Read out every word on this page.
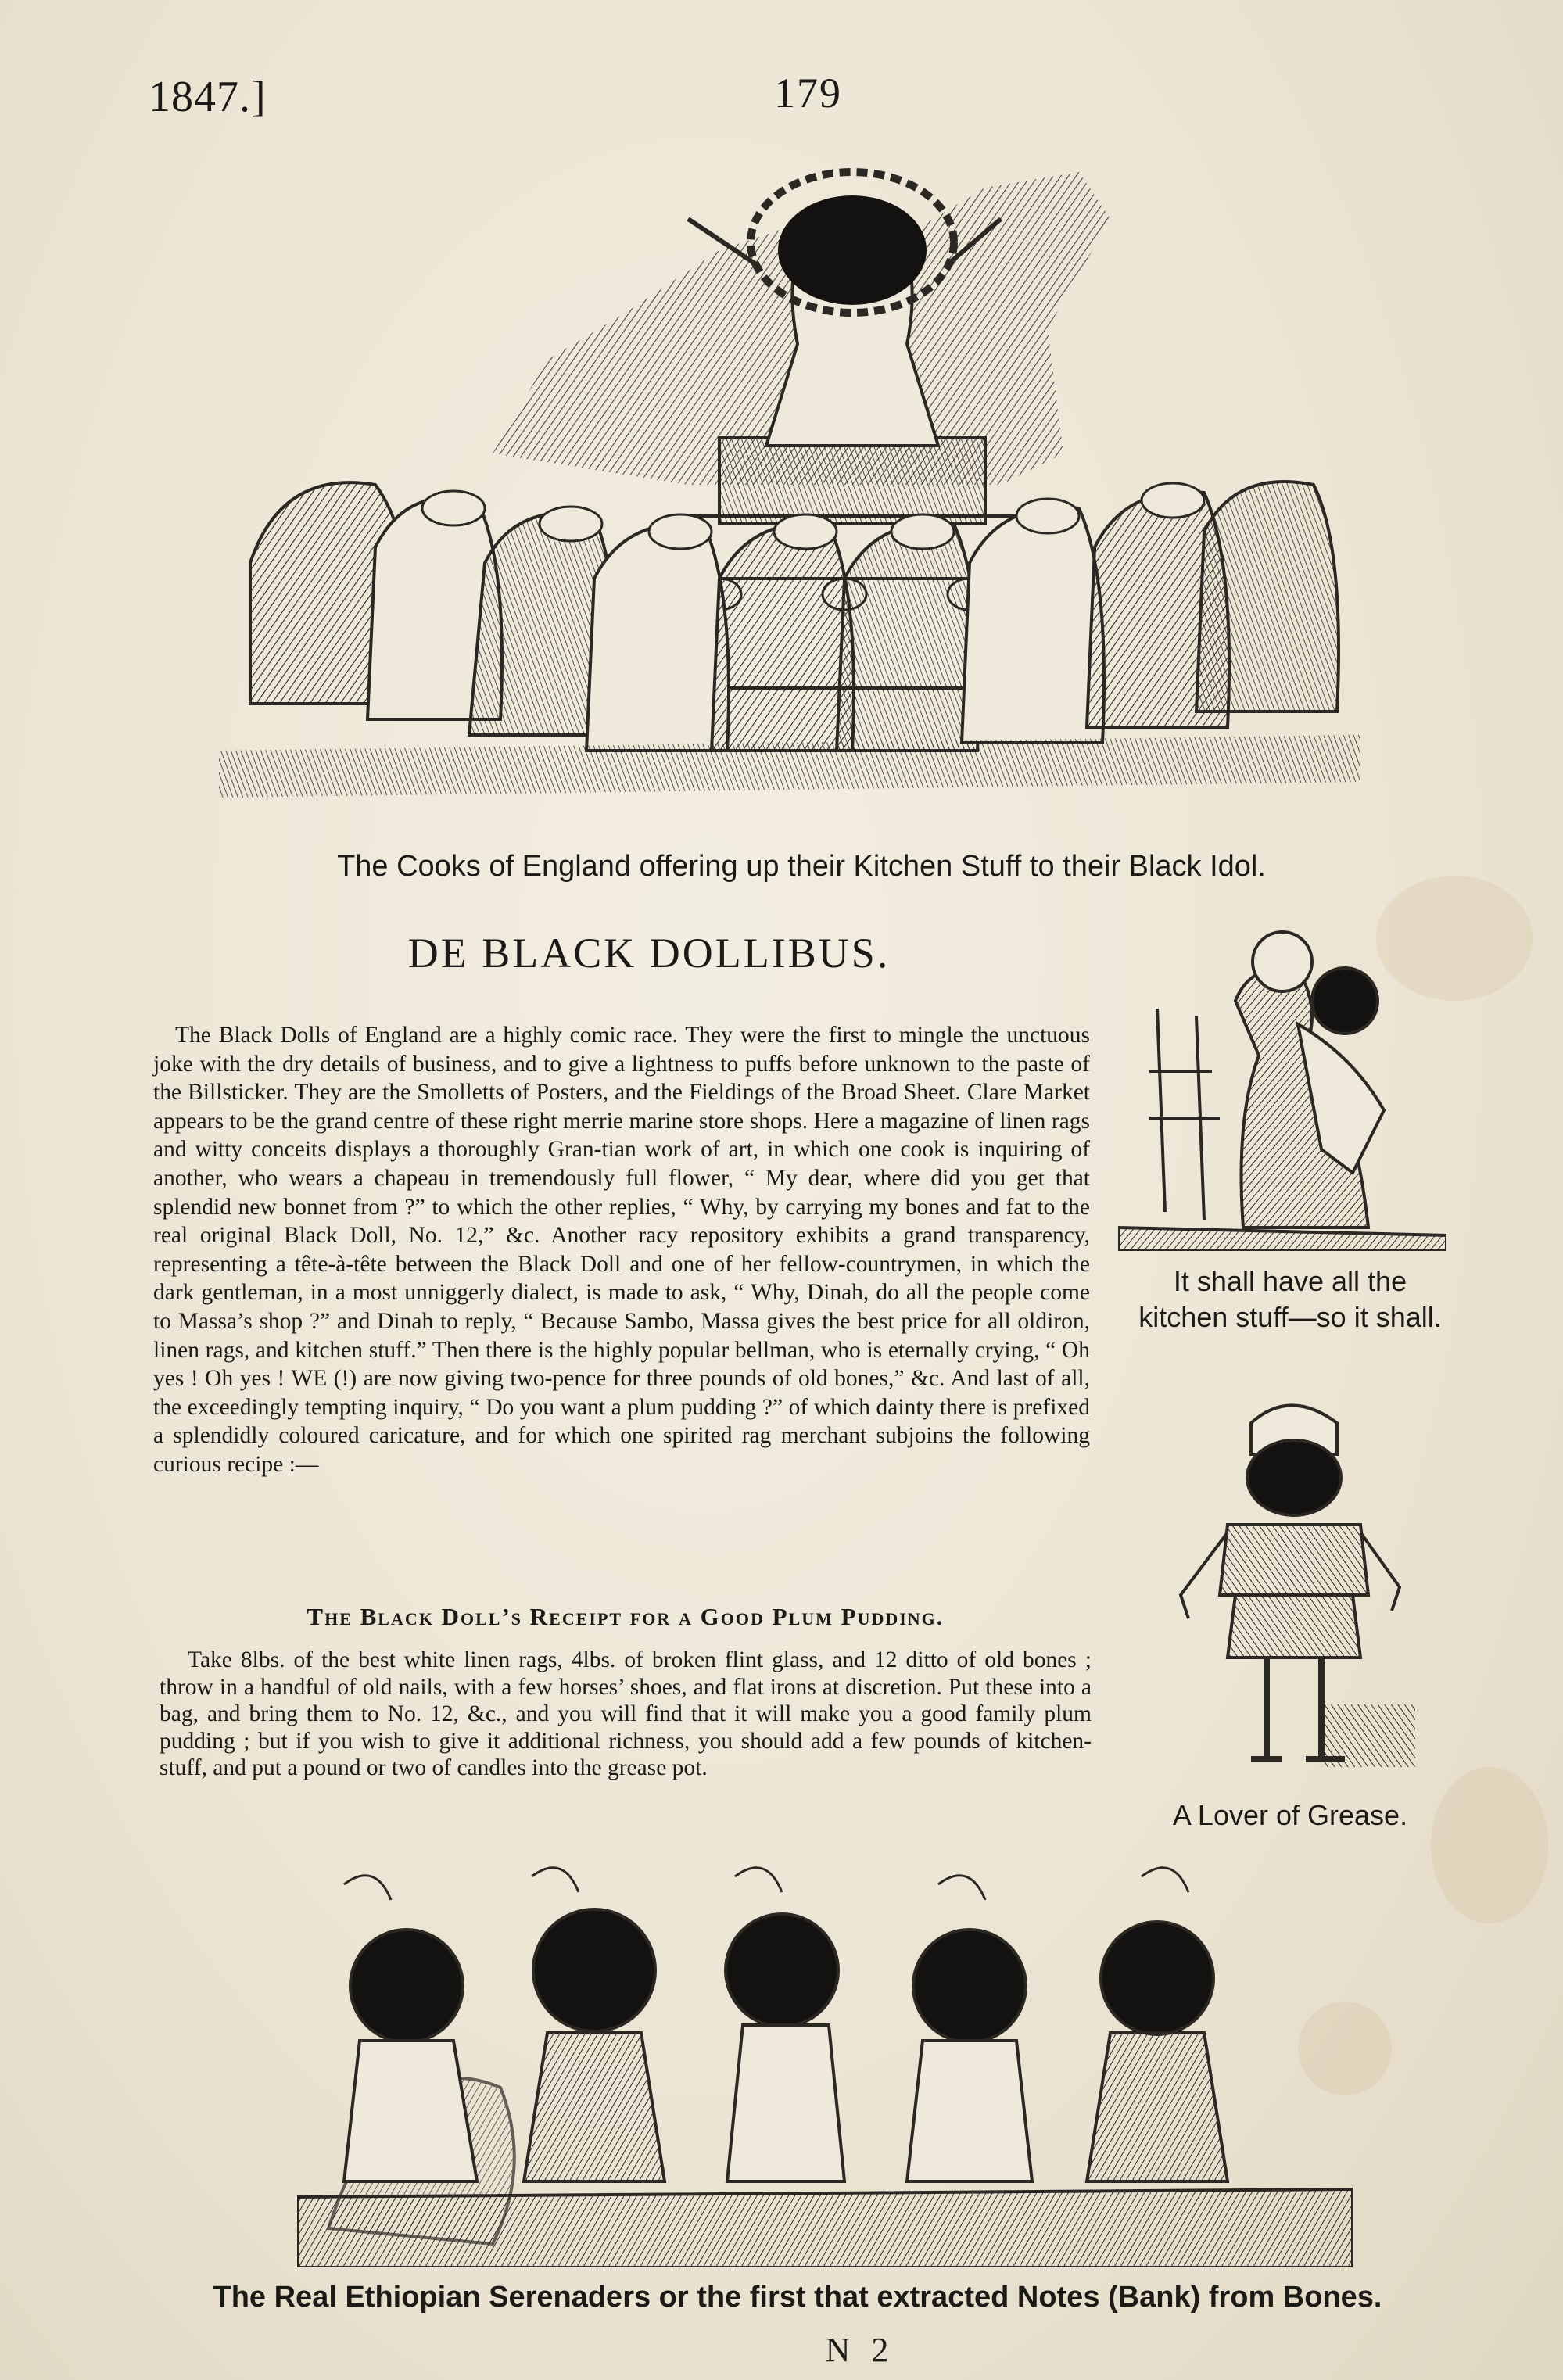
1847.]	179
The Cooks of England offering up their Kitchen Stuff to their Black Idol.
DE BLACK DOLLIBUS.

The Black Dolls of England are a highly comic race. They were the first to mingle the unctuous joke with the dry details of business, and to give a lightness to puffs before unknown to the paste of the Billsticker. They are the Smolletts of Posters, and the Fieldings of the Broad Sheet. Clare Market appears to be the grand centre of these right merrie marine store shops. Here a magazine of linen rags and witty conceits displays a thoroughly Gran-tian work of art, in which one cook is inquiring of another, who wears a chapeau in tremendously full flower, “ My dear, where did you get that splendid new bonnet from ?” to which the other replies, “ Why, by carrying my bones and fat to the real original Black Doll, No. 12,” &c. Another racy repository exhibits a grand transparency, representing a tête-à-tête between the Black Doll and one of her fellow-countrymen, in which the dark gentleman, in a most unniggerly dialect, is made to ask, “ Why, Dinah, do all the people come to Massa’s shop ?” and Dinah to reply, “ Because Sambo, Massa gives the best price for all oldiron, linen rags, and kitchen stuff.” Then there is the highly popular bellman, who is eternally crying, “ Oh yes ! Oh yes ! WE (!) are now giving two-pence for three pounds of old bones,” &c. And last of all, the exceedingly tempting inquiry, “ Do you want a plum pudding ?” of which dainty there is prefixed a splendidly coloured caricature, and for which one spirited rag merchant subjoins the following curious recipe :—

The Black Doll’s Receipt for a Good Plum Pudding.

Take 8lbs. of the best white linen rags, 4lbs. of broken flint glass, and 12 ditto of old bones ; throw in a handful of old nails, with a few horses’ shoes, and flat irons at discretion. Put these into a bag, and bring them to No. 12, &c., and you will find that it will make you a good family plum pudding ; but if you wish to give it additional richness, you should add a few pounds of kitchen-stuff, and put a pound or two of candles into the grease pot.

It shall have all the kitchen stuff—so it shall.
A Lover of Grease.
The Real Ethiopian Serenaders or the first that extracted Notes (Bank) from Bones.
N 2
